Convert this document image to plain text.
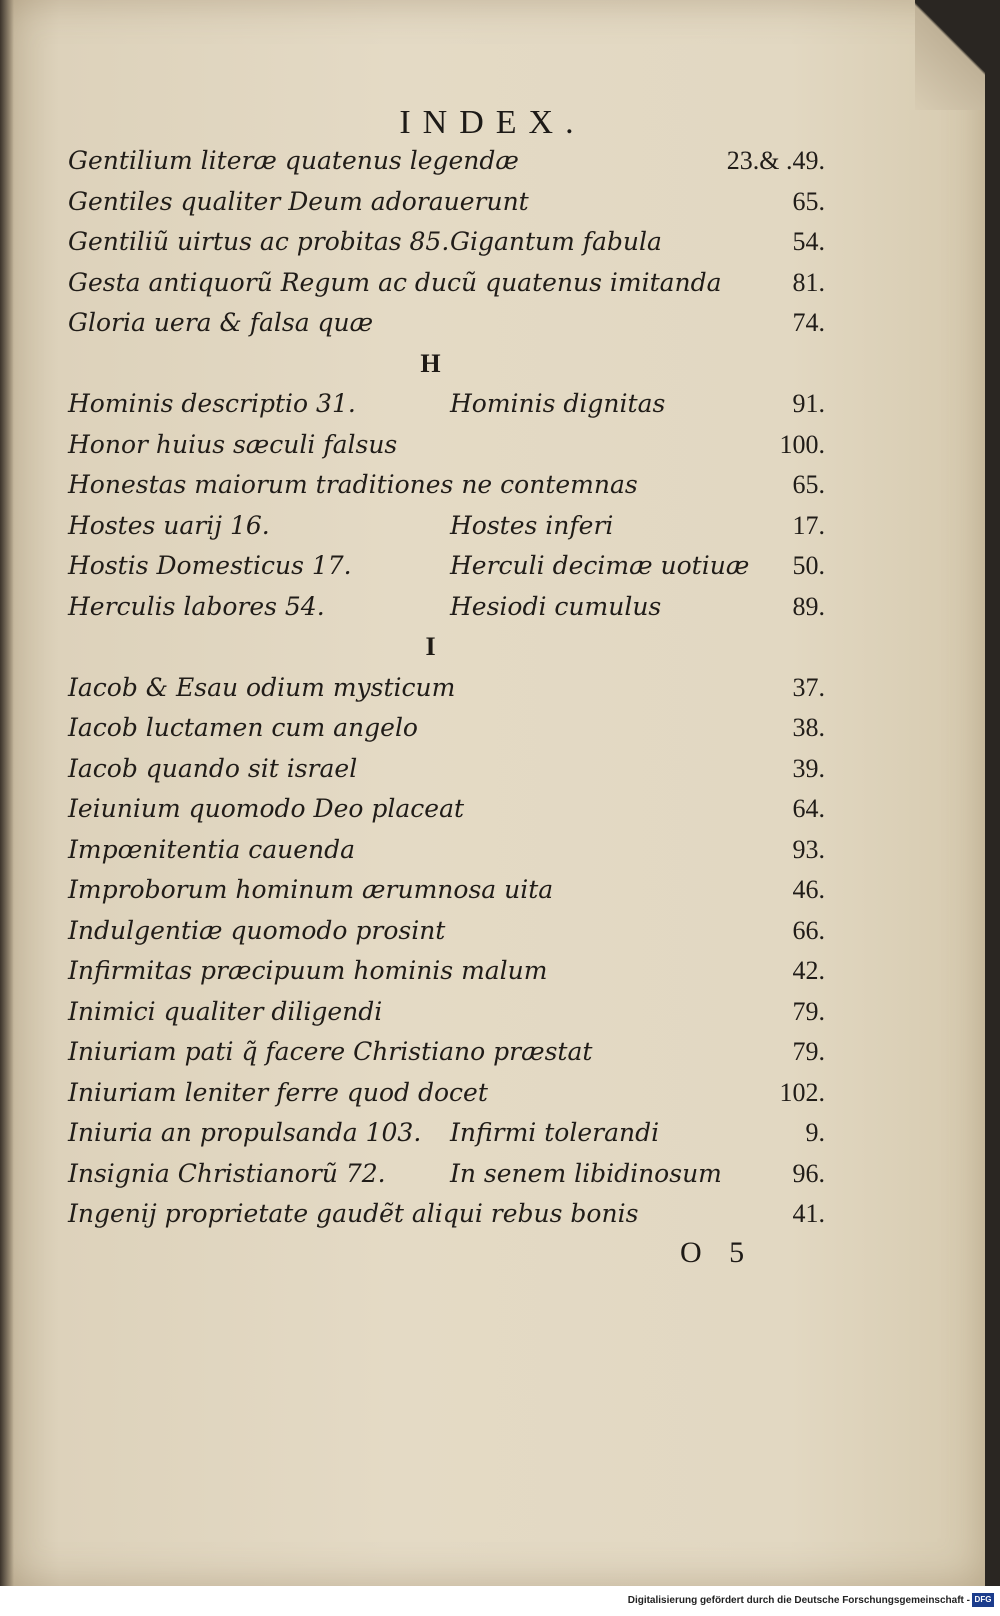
INDEX.
Gentilium literæ quatenus legendæ	23.& .49.
Gentiles qualiter Deum adorauerunt	65.
Gentiliũ uirtus ac probitas 85. Gigantum fabula	54.
Gesta antiquorũ Regum ac ducũ quatenus imitanda	81.
Gloria uera & falsa quæ	74.
H
Hominis descriptio 31.	Hominis dignitas	91.
Honor huius sæculi falsus	100.
Honestas maiorum traditiones ne contemnas	65.
Hostes uarij 16.	Hostes inferi	17.
Hostis Domesticus 17.	Herculi decimæ uotiuæ 50.
Herculis labores 54.	Hesiodi cumulus	89.
I
Iacob & Esau odium mysticum	37.
Iacob luctamen cum angelo	38.
Iacob quando sit israel	39.
Ieiunium quomodo Deo placeat	64.
Impœnitentia cauenda	93.
Improborum hominum ærumnosa uita	46.
Indulgentiæ quomodo prosint	66.
Infirmitas præcipuum hominis malum	42.
Inimici qualiter diligendi	79.
Iniuriam pati q̃ facere Christiano præstat	79.
Iniuriam leniter ferre quod docet	102.
Iniuria an propulsanda 103. Infirmi tolerandi	9.
Insignia Christianorũ 72.	In senem libidinosum	96.
Ingenij proprietate gaudẽt aliqui rebus bonis	41.
O 5
Digitalisierung gefördert durch die Deutsche Forschungsgemeinschaft - DFG
